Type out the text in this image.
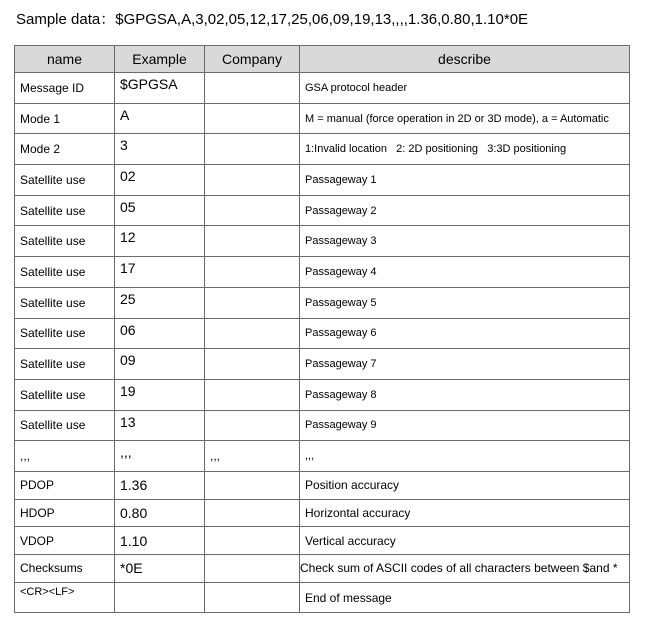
Sample data：$GPGSA,A,3,02,05,12,17,25,06,09,19,13,,,,1.36,0.80,1.10*0E
name	Example	Company	describe
Message ID	$GPGSA		GSA protocol header
Mode 1	A		M = manual (force operation in 2D or 3D mode), a = Automatic
Mode 2	3		1:Invalid location   2: 2D positioning   3:3D positioning
Satellite use	02		Passageway 1
Satellite use	05		Passageway 2
Satellite use	12		Passageway 3
Satellite use	17		Passageway 4
Satellite use	25		Passageway 5
Satellite use	06		Passageway 6
Satellite use	09		Passageway 7
Satellite use	19		Passageway 8
Satellite use	13		Passageway 9
,,,	,,,	,,,	,,,
PDOP	1.36		Position accuracy
HDOP	0.80		Horizontal accuracy
VDOP	1.10		Vertical accuracy
Checksums	*0E		Check sum of ASCII codes of all characters between $and *
<CR><LF>			End of message
